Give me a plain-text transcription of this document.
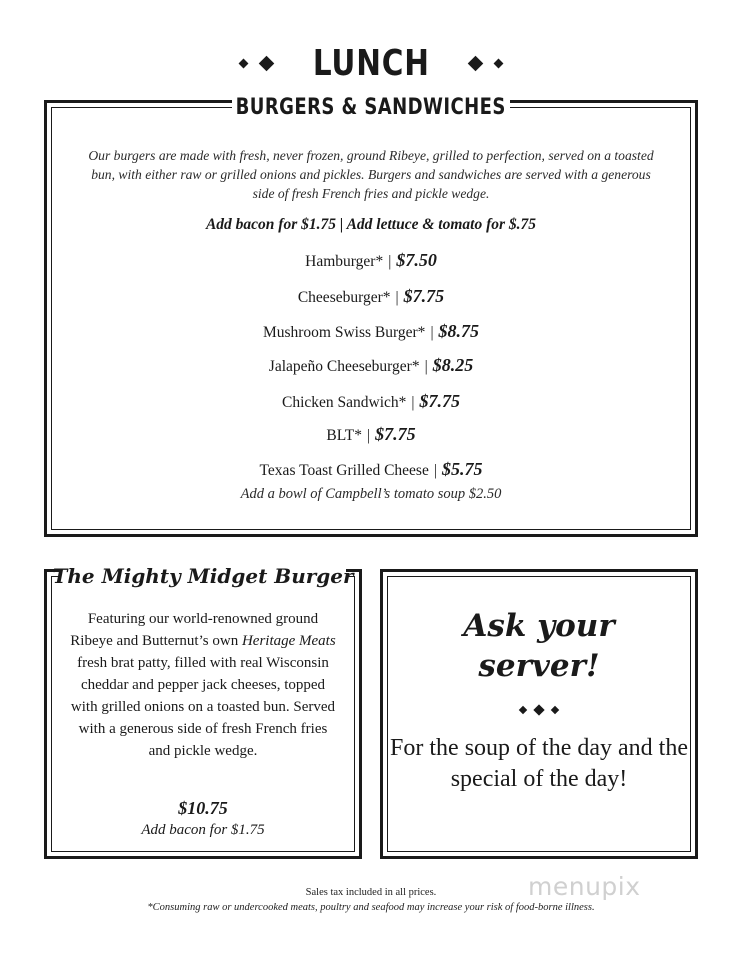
LUNCH
BURGERS & SANDWICHES
Our burgers are made with fresh, never frozen, ground Ribeye, grilled to perfection, served on a toasted bun, with either raw or grilled onions and pickles. Burgers and sandwiches are served with a generous side of fresh French fries and pickle wedge.
Add bacon for $1.75 | Add lettuce & tomato for $.75
Hamburger* | $7.50
Cheeseburger* | $7.75
Mushroom Swiss Burger* | $8.75
Jalapeño Cheeseburger* | $8.25
Chicken Sandwich* | $7.75
BLT* | $7.75
Texas Toast Grilled Cheese | $5.75
Add a bowl of Campbell’s tomato soup $2.50
The Mighty Midget Burger
Featuring our world-renowned ground Ribeye and Butternut’s own Heritage Meats fresh brat patty, filled with real Wisconsin cheddar and pepper jack cheeses, topped with grilled onions on a toasted bun. Served with a generous side of fresh French fries and pickle wedge.
$10.75
Add bacon for $1.75
Ask your
server!
For the soup of the day and the special of the day!
menupix
Sales tax included in all prices.
*Consuming raw or undercooked meats, poultry and seafood may increase your risk of food-borne illness.
